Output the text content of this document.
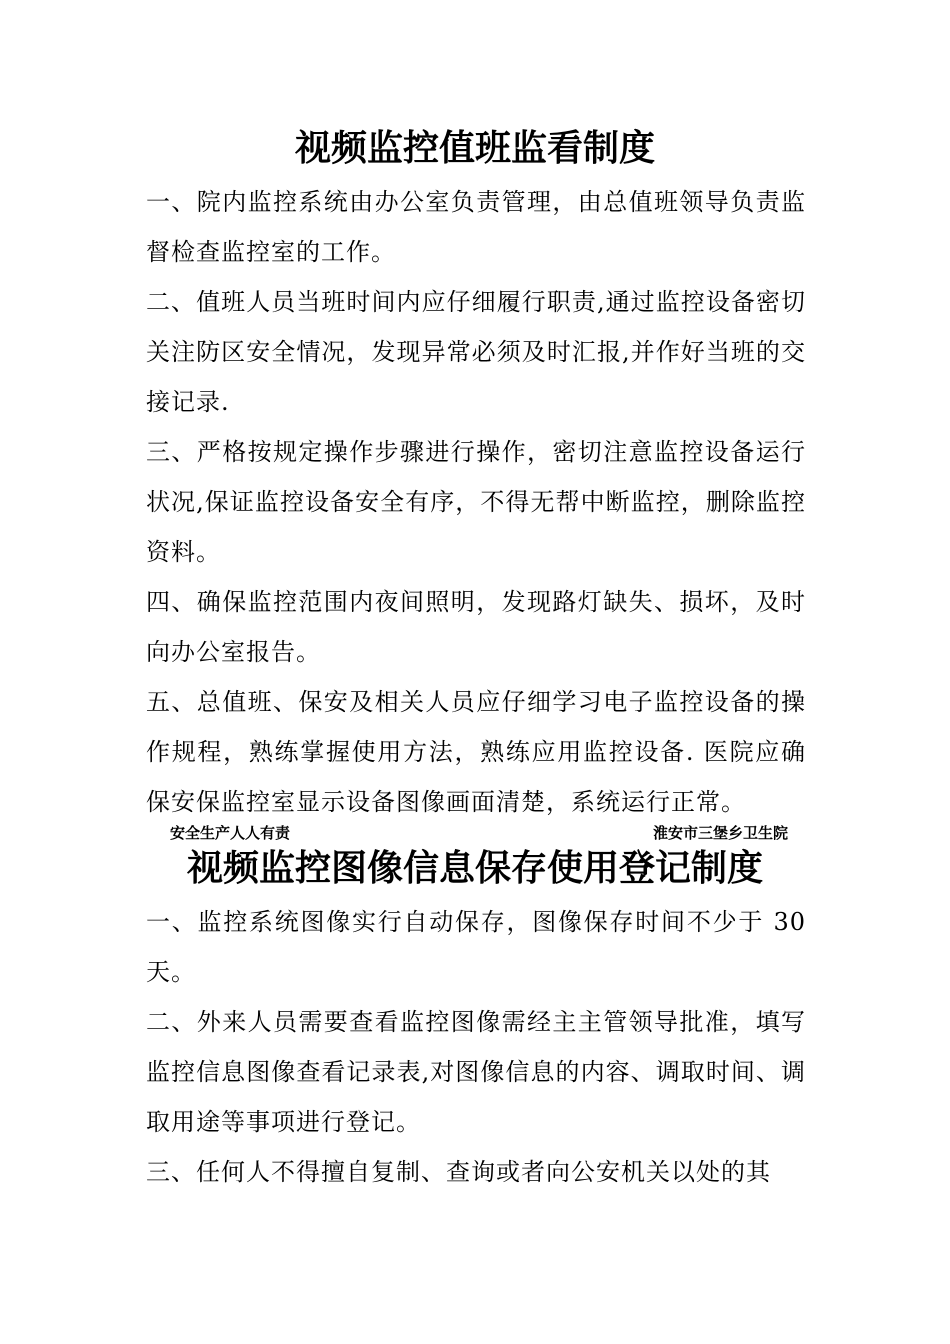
视频监控值班监看制度

一、院内监控系统由办公室负责管理，由总值班领导负责监督检查监控室的工作。

二、值班人员当班时间内应仔细履行职责,通过监控设备密切关注防区安全情况，发现异常必须及时汇报,并作好当班的交接记录.

三、严格按规定操作步骤进行操作，密切注意监控设备运行状况,保证监控设备安全有序，不得无帮中断监控，删除监控资料。

四、确保监控范围内夜间照明，发现路灯缺失、损坏，及时向办公室报告。

五、总值班、保安及相关人员应仔细学习电子监控设备的操作规程，熟练掌握使用方法，熟练应用监控设备. 医院应确保安保监控室显示设备图像画面清楚，系统运行正常。

安全生产人人有责	淮安市三堡乡卫生院
视频监控图像信息保存使用登记制度

一、监控系统图像实行自动保存，图像保存时间不少于 30 天。

二、外来人员需要查看监控图像需经主主管领导批准，填写监控信息图像查看记录表,对图像信息的内容、调取时间、调取用途等事项进行登记。

三、任何人不得擅自复制、查询或者向公安机关以处的其
